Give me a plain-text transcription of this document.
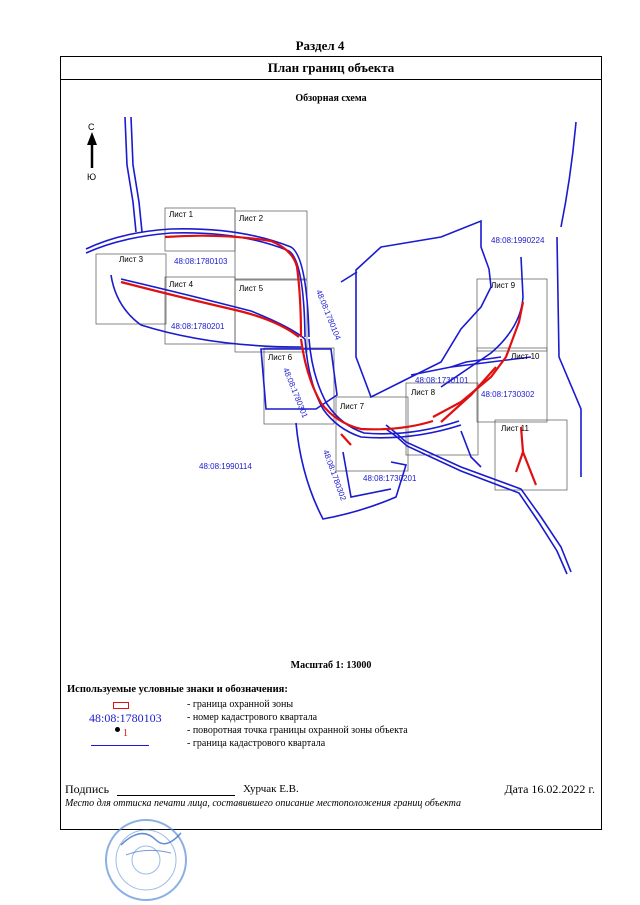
Раздел 4
План границ объекта
Обзорная схема
С
Ю
Лист 1	Лист 2
Лист 3
Лист 4	Лист 5
Лист 6
Лист 7
Лист 8
Лист 9
Лист 10
Лист 11
48:08:1990224
48:08:1780103
48:08:1780201	48:08:1780104
48:08:1780301	48:08:1730101
48:08:1730302
48:08:1990114	48:08:1780302 48:08:1730201
Масштаб 1: 13000
Используемые условные знаки и обозначения:
- граница охранной зоны
48:08:1780103	- номер кадастрового квартала
1	- поворотная точка границы охранной зоны объекта
- граница кадастрового квартала
Подпись	Хурчак Е.В.	Дата 16.02.2022 г.
Место для оттиска печати лица, составившего описание местоположения границ объекта
